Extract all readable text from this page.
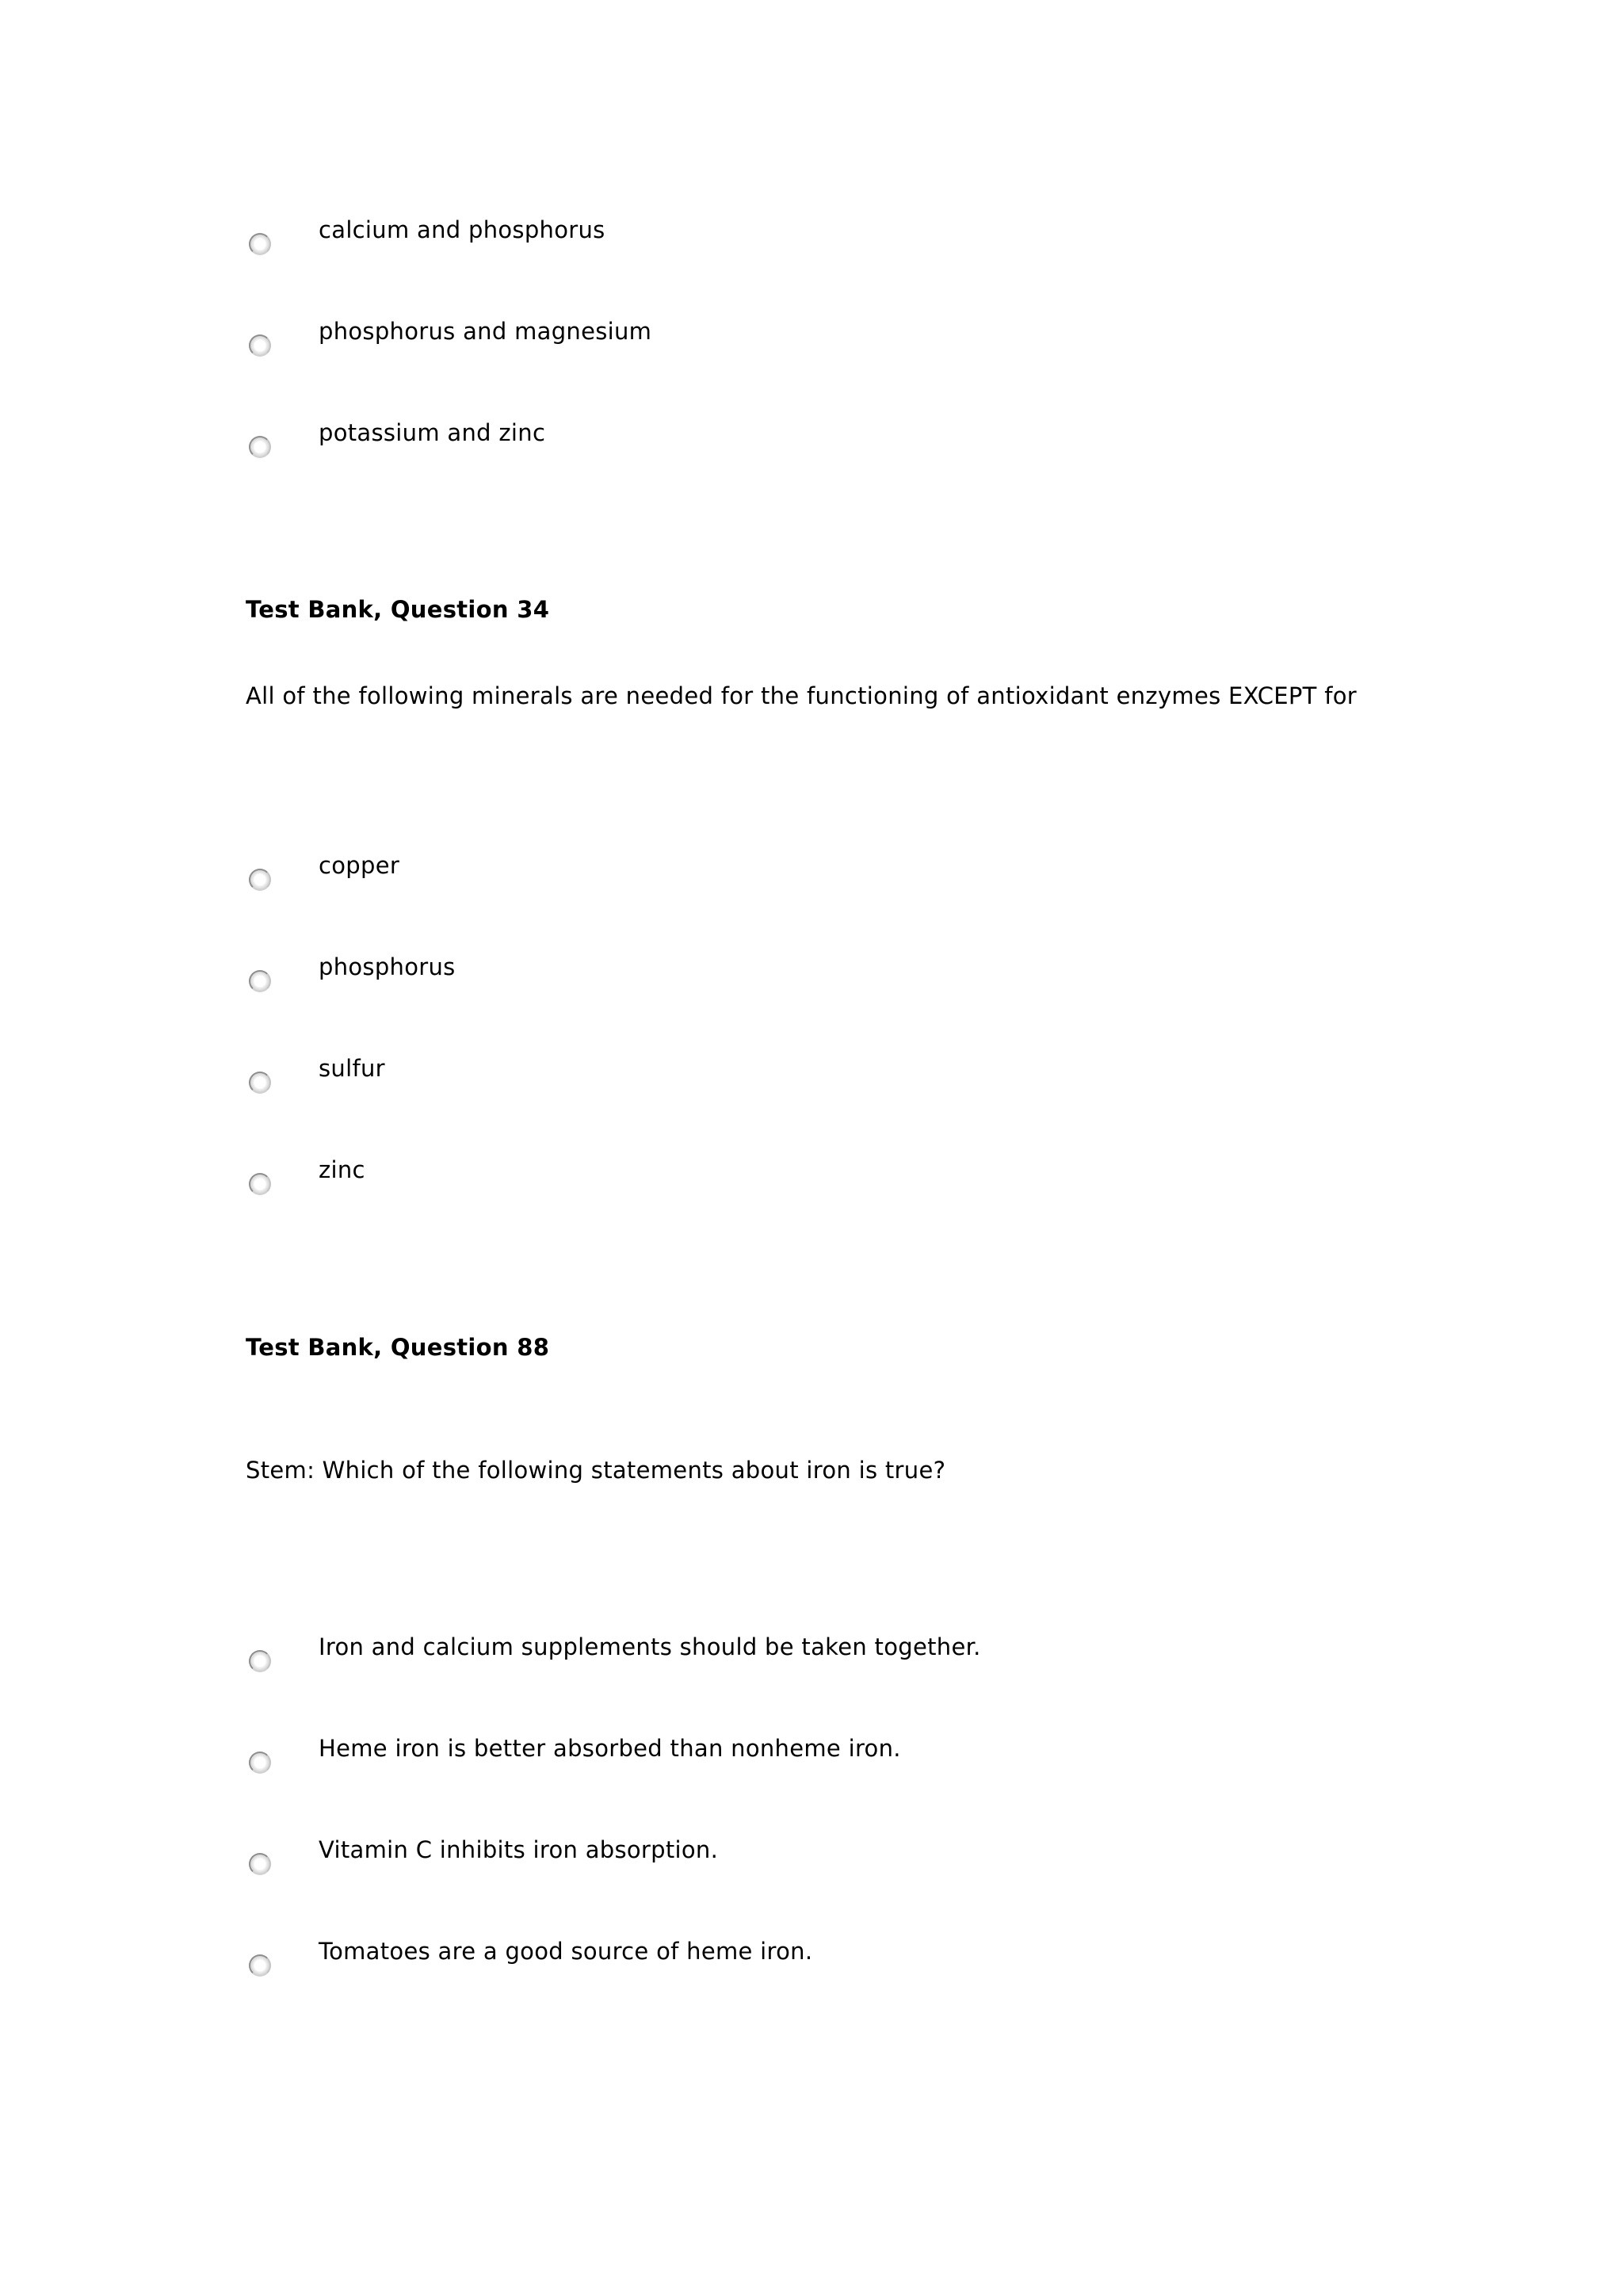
calcium and phosphorus
phosphorus and magnesium
potassium and zinc
Test Bank, Question 34
All of the following minerals are needed for the functioning of antioxidant enzymes EXCEPT for
copper
phosphorus
sulfur
zinc
Test Bank, Question 88
Stem: Which of the following statements about iron is true?
Iron and calcium supplements should be taken together.
Heme iron is better absorbed than nonheme iron.
Vitamin C inhibits iron absorption.
Tomatoes are a good source of heme iron.
